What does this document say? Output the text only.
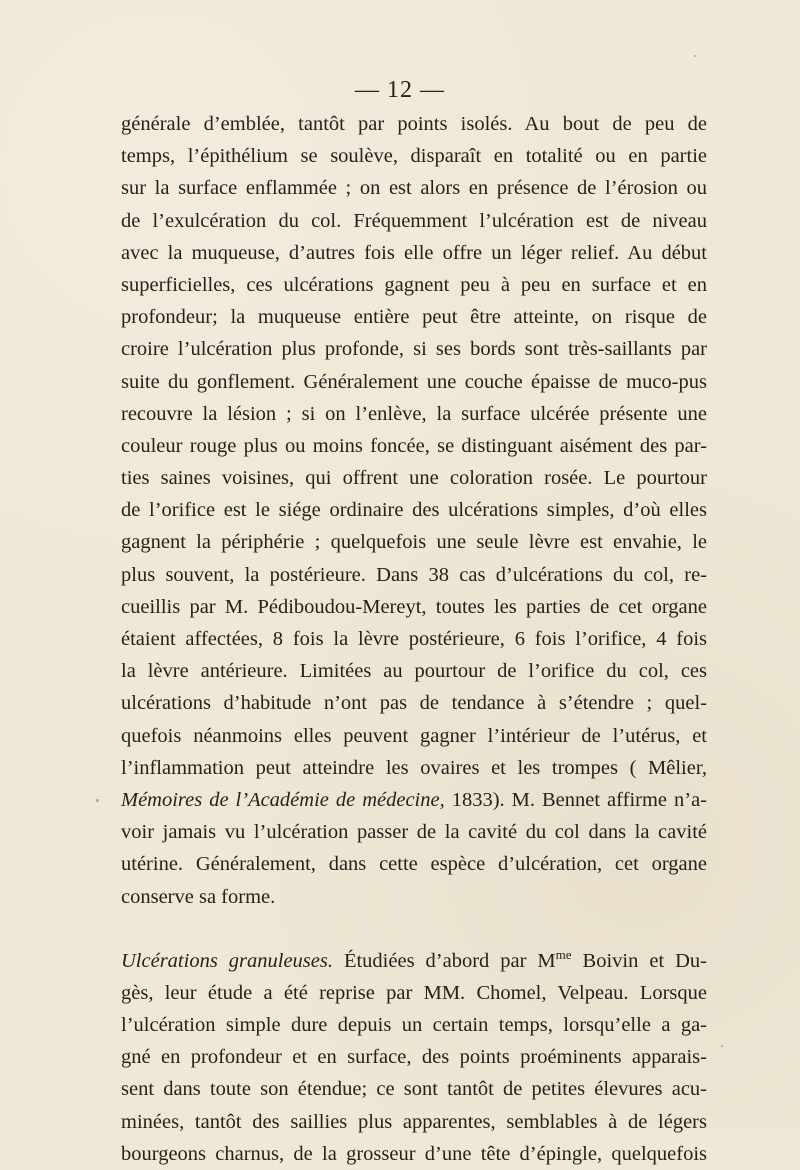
— 12 —
générale d’emblée, tantôt par points isolés. Au bout de peu de
temps, l’épithélium se soulève, disparaît en totalité ou en partie
sur la surface enflammée ; on est alors en présence de l’érosion ou
de l’exulcération du col. Fréquemment l’ulcération est de niveau
avec la muqueuse, d’autres fois elle offre un léger relief. Au début
superficielles, ces ulcérations gagnent peu à peu en surface et en
profondeur; la muqueuse entière peut être atteinte, on risque de
croire l’ulcération plus profonde, si ses bords sont très-saillants par
suite du gonflement. Généralement une couche épaisse de muco-pus
recouvre la lésion ; si on l’enlève, la surface ulcérée présente une
couleur rouge plus ou moins foncée, se distinguant aisément des par-
ties saines voisines, qui offrent une coloration rosée. Le pourtour
de l’orifice est le siége ordinaire des ulcérations simples, d’où elles
gagnent la périphérie ; quelquefois une seule lèvre est envahie, le
plus souvent, la postérieure. Dans 38 cas d’ulcérations du col, re-
cueillis par M. Pédiboudou-Mereyt, toutes les parties de cet organe
étaient affectées, 8 fois la lèvre postérieure, 6 fois l’orifice, 4 fois
la lèvre antérieure. Limitées au pourtour de l’orifice du col, ces
ulcérations d’habitude n’ont pas de tendance à s’étendre ; quel-
quefois néanmoins elles peuvent gagner l’intérieur de l’utérus, et
l’inflammation peut atteindre les ovaires et les trompes ( Mêlier,
Mémoires de l’Académie de médecine, 1833). M. Bennet affirme n’a-
voir jamais vu l’ulcération passer de la cavité du col dans la cavité
utérine. Généralement, dans cette espèce d’ulcération, cet organe
conserve sa forme.
Ulcérations granuleuses. Étudiées d’abord par $M^{me}$ Boivin et Du-
gès, leur étude a été reprise par MM. Chomel, Velpeau. Lorsque
l’ulcération simple dure depuis un certain temps, lorsqu’elle a ga-
gné en profondeur et en surface, des points proéminents apparais-
sent dans toute son étendue; ce sont tantôt de petites élevures acu-
minées, tantôt des saillies plus apparentes, semblables à de légers
bourgeons charnus, de la grosseur d’une tête d’épingle, quelquefois
